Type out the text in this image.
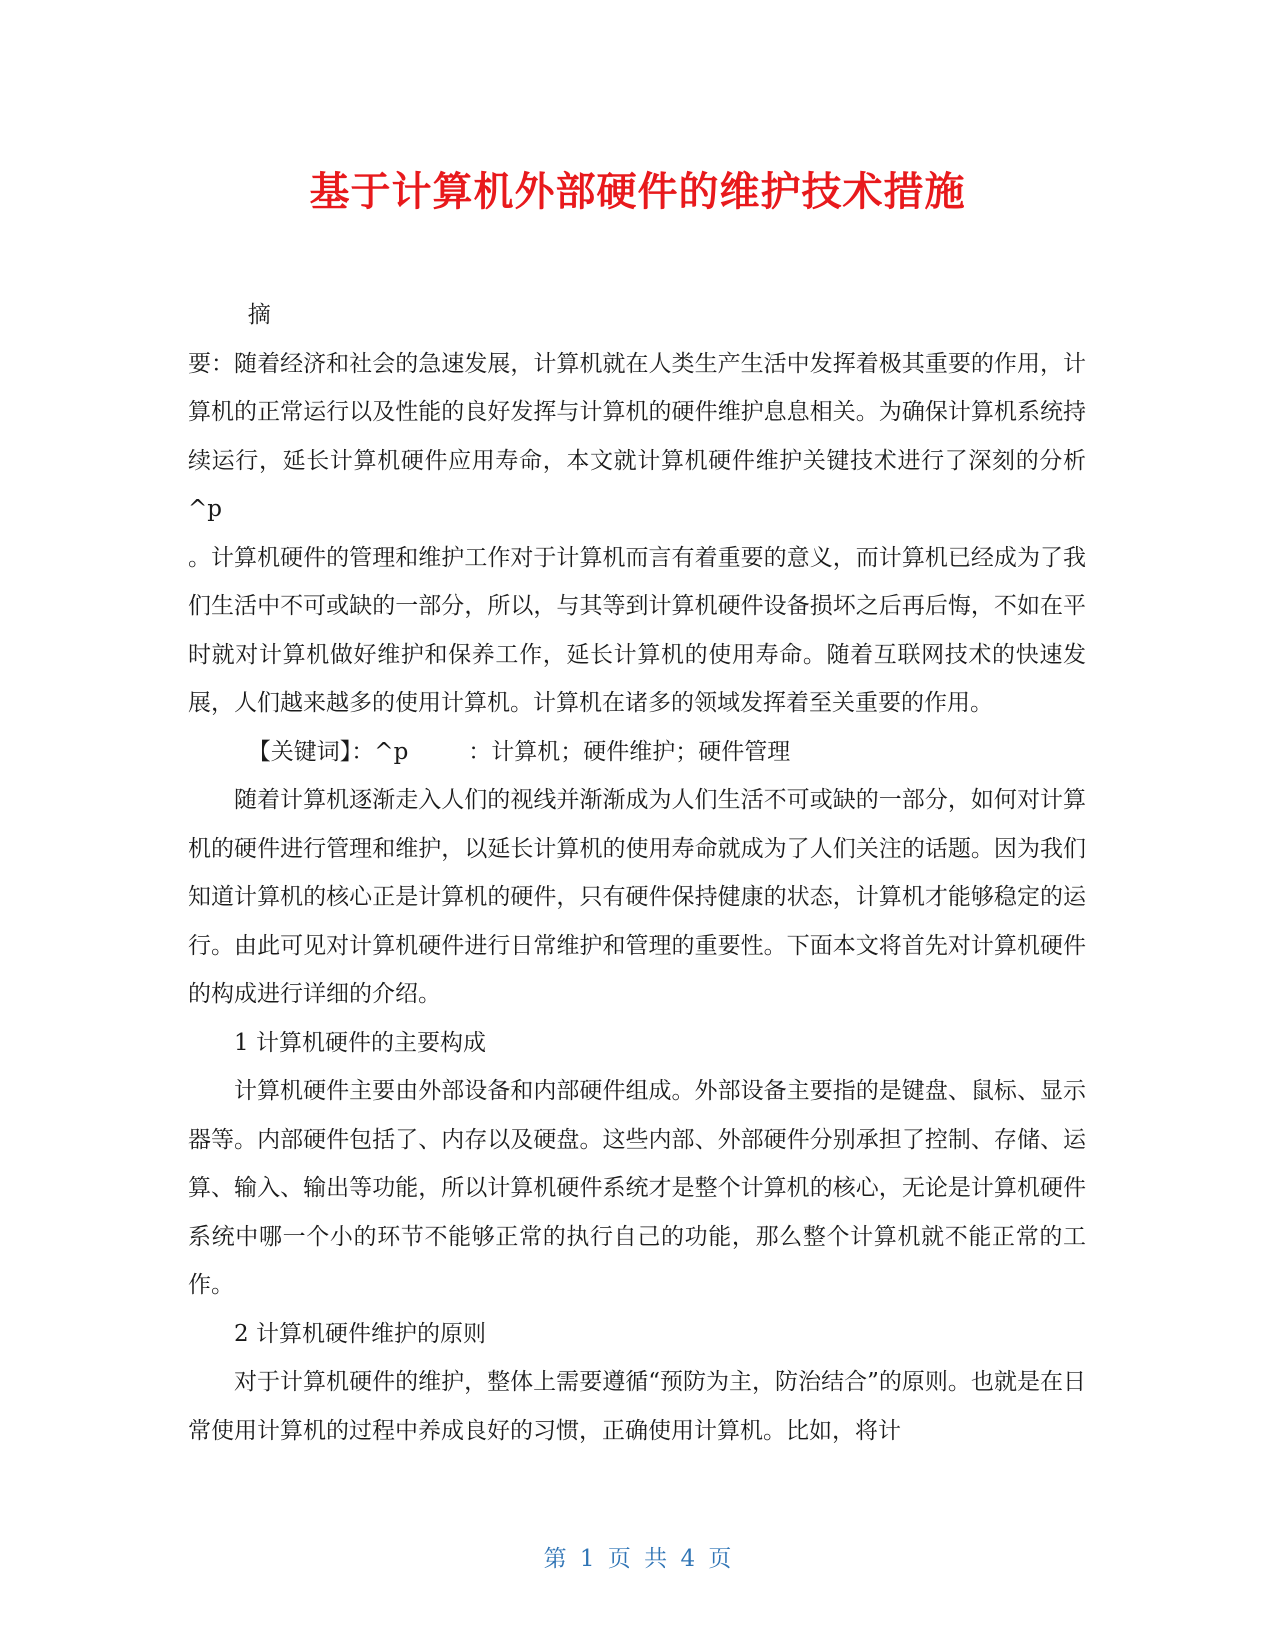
基于计算机外部硬件的维护技术措施

摘

要：随着经济和社会的急速发展，计算机就在人类生产生活中发挥着极其重要的作用，计算机的正常运行以及性能的良好发挥与计算机的硬件维护息息相关。为确保计算机系统持续运行，延长计算机硬件应用寿命，本文就计算机硬件维护关键技术进行了深刻的分析^p

。计算机硬件的管理和维护工作对于计算机而言有着重要的意义，而计算机已经成为了我们生活中不可或缺的一部分，所以，与其等到计算机硬件设备损坏之后再后悔，不如在平时就对计算机做好维护和保养工作，延长计算机的使用寿命。随着互联网技术的快速发展，人们越来越多的使用计算机。计算机在诸多的领域发挥着至关重要的作用。

【关键词】：^p	：计算机；硬件维护；硬件管理

随着计算机逐渐走入人们的视线并渐渐成为人们生活不可或缺的一部分，如何对计算机的硬件进行管理和维护，以延长计算机的使用寿命就成为了人们关注的话题。因为我们知道计算机的核心正是计算机的硬件，只有硬件保持健康的状态，计算机才能够稳定的运行。由此可见对计算机硬件进行日常维护和管理的重要性。下面本文将首先对计算机硬件的构成进行详细的介绍。

1 计算机硬件的主要构成

计算机硬件主要由外部设备和内部硬件组成。外部设备主要指的是键盘、鼠标、显示器等。内部硬件包括了、内存以及硬盘。这些内部、外部硬件分别承担了控制、存储、运算、输入、输出等功能，所以计算机硬件系统才是整个计算机的核心，无论是计算机硬件系统中哪一个小的环节不能够正常的执行自己的功能，那么整个计算机就不能正常的工作。

2 计算机硬件维护的原则

对于计算机硬件的维护，整体上需要遵循“预防为主，防治结合”的原则。也就是在日常使用计算机的过程中养成良好的习惯，正确使用计算机。比如，将计

第 1 页 共 4 页
